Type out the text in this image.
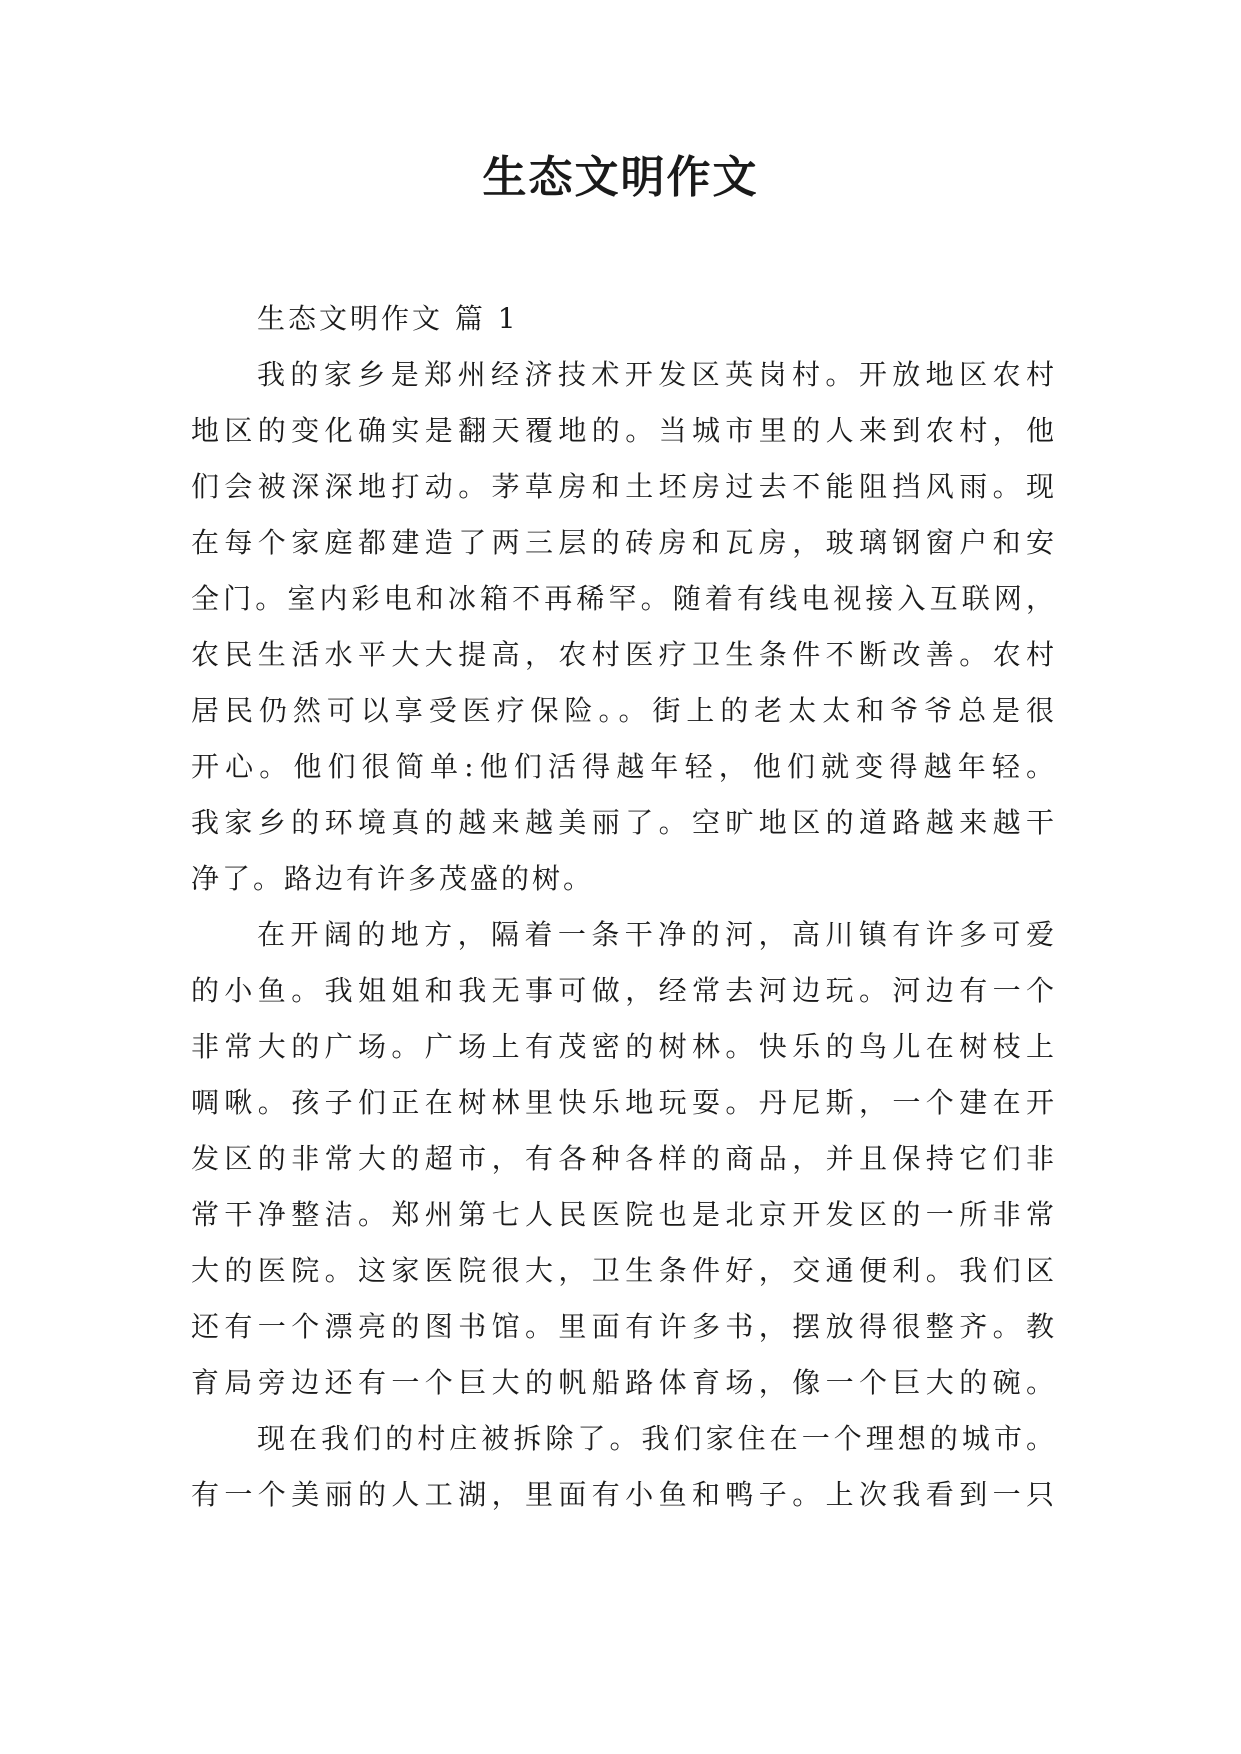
生态文明作文
生态文明作文 篇 1

我的家乡是郑州经济技术开发区英岗村。开放地区农村
地区的变化确实是翻天覆地的。当城市里的人来到农村，他
们会被深深地打动。茅草房和土坯房过去不能阻挡风雨。现
在每个家庭都建造了两三层的砖房和瓦房，玻璃钢窗户和安
全门。室内彩电和冰箱不再稀罕。随着有线电视接入互联网，
农民生活水平大大提高，农村医疗卫生条件不断改善。农村
居民仍然可以享受医疗保险。。街上的老太太和爷爷总是很
开心。他们很简单:他们活得越年轻，他们就变得越年轻。
我家乡的环境真的越来越美丽了。空旷地区的道路越来越干
净了。路边有许多茂盛的树。

在开阔的地方，隔着一条干净的河，高川镇有许多可爱
的小鱼。我姐姐和我无事可做，经常去河边玩。河边有一个
非常大的广场。广场上有茂密的树林。快乐的鸟儿在树枝上
啁啾。孩子们正在树林里快乐地玩耍。丹尼斯，一个建在开
发区的非常大的超市，有各种各样的商品，并且保持它们非
常干净整洁。郑州第七人民医院也是北京开发区的一所非常
大的医院。这家医院很大，卫生条件好，交通便利。我们区
还有一个漂亮的图书馆。里面有许多书，摆放得很整齐。教
育局旁边还有一个巨大的帆船路体育场，像一个巨大的碗。

现在我们的村庄被拆除了。我们家住在一个理想的城市。
有一个美丽的人工湖，里面有小鱼和鸭子。上次我看到一只
